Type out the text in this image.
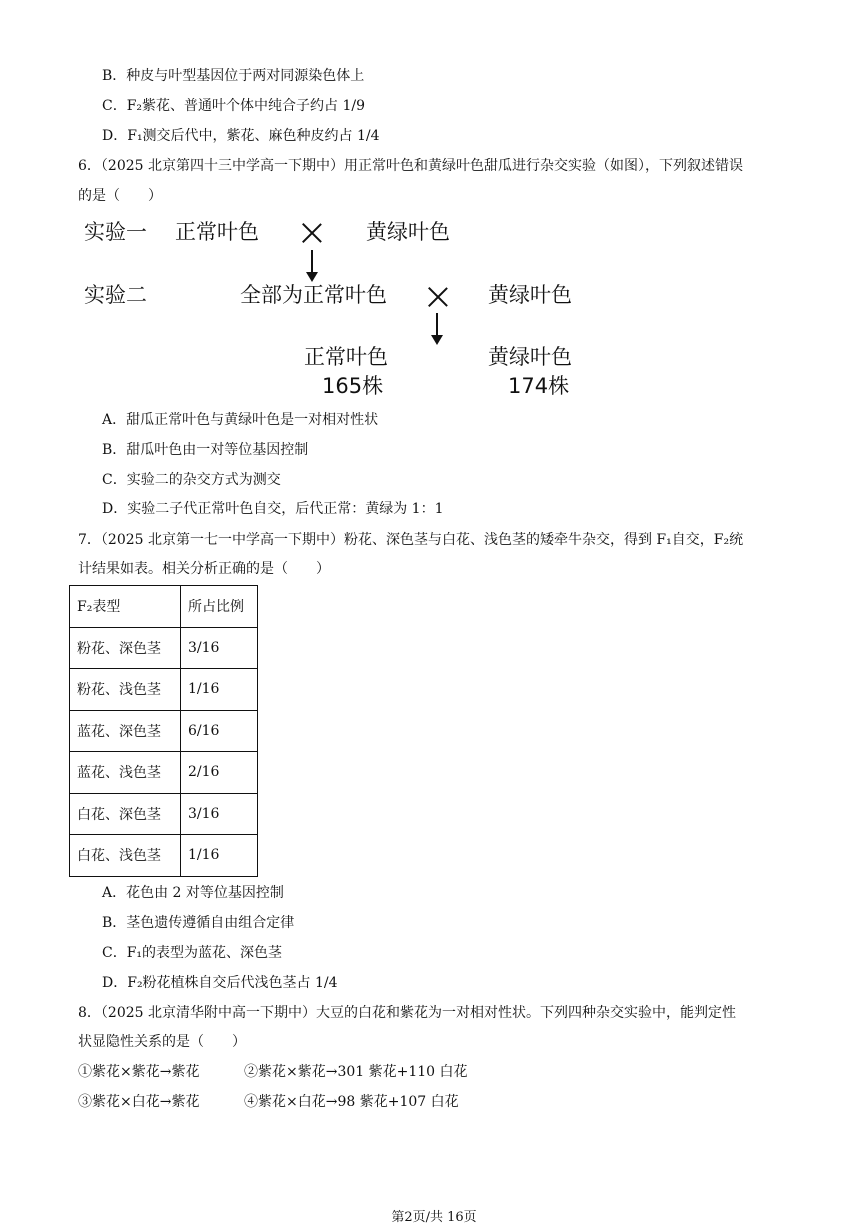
B．种皮与叶型基因位于两对同源染色体上
C．F₂紫花、普通叶个体中纯合子约占 1/9
D．F₁测交后代中，紫花、麻色种皮约占 1/4
6．（2025 北京第四十三中学高一下期中）用正常叶色和黄绿叶色甜瓜进行杂交实验（如图），下列叙述错误
的是（　　）
实验一 正常叶色	黄绿叶色
实验二	全部为正常叶色	黄绿叶色
正常叶色
165株
黄绿叶色
174株
A．甜瓜正常叶色与黄绿叶色是一对相对性状
B．甜瓜叶色由一对等位基因控制
C．实验二的杂交方式为测交
D．实验二子代正常叶色自交，后代正常：黄绿为 1：1
7．（2025 北京第一七一中学高一下期中）粉花、深色茎与白花、浅色茎的矮牵牛杂交，得到 F₁自交，F₂统
计结果如表。相关分析正确的是（　　）
F₂表型	所占比例
粉花、深色茎	3/16
粉花、浅色茎	1/16
蓝花、深色茎	6/16
蓝花、浅色茎	2/16
白花、深色茎	3/16
白花、浅色茎	1/16
A．花色由 2 对等位基因控制
B．茎色遗传遵循自由组合定律
C．F₁的表型为蓝花、深色茎
D．F₂粉花植株自交后代浅色茎占 1/4
8．（2025 北京清华附中高一下期中）大豆的白花和紫花为一对相对性状。下列四种杂交实验中，能判定性
状显隐性关系的是（　　）
①紫花×紫花→紫花	②紫花×紫花→301 紫花+110 白花
③紫花×白花→紫花	④紫花×白花→98 紫花+107 白花
第2页/共 16页
